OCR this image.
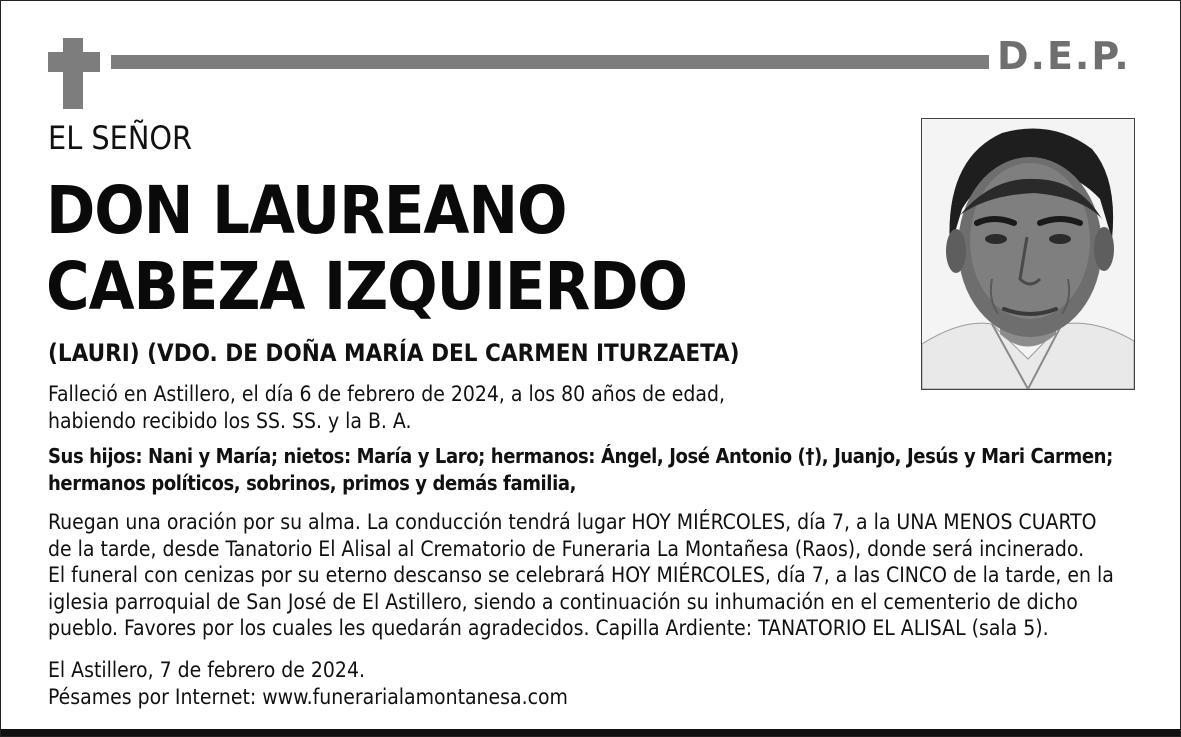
D.E.P.
EL SEÑOR
DON LAUREANO
CABEZA IZQUIERDO
(LAURI) (VDO. DE DOÑA MARÍA DEL CARMEN ITURZAETA)
Falleció en Astillero, el día 6 de febrero de 2024, a los 80 años de edad,
habiendo recibido los SS. SS. y la B. A.
Sus hijos: Nani y María; nietos: María y Laro; hermanos: Ángel, José Antonio (†), Juanjo, Jesús y Mari Carmen;
hermanos políticos, sobrinos, primos y demás familia,
Ruegan una oración por su alma. La conducción tendrá lugar HOY MIÉRCOLES, día 7, a la UNA MENOS CUARTO
de la tarde, desde Tanatorio El Alisal al Crematorio de Funeraria La Montañesa (Raos), donde será incinerado.
El funeral con cenizas por su eterno descanso se celebrará HOY MIÉRCOLES, día 7, a las CINCO de la tarde, en la
iglesia parroquial de San José de El Astillero, siendo a continuación su inhumación en el cementerio de dicho
pueblo. Favores por los cuales les quedarán agradecidos. Capilla Ardiente: TANATORIO EL ALISAL (sala 5).
El Astillero, 7 de febrero de 2024.
Pésames por Internet: www.funerarialamontanesa.com
